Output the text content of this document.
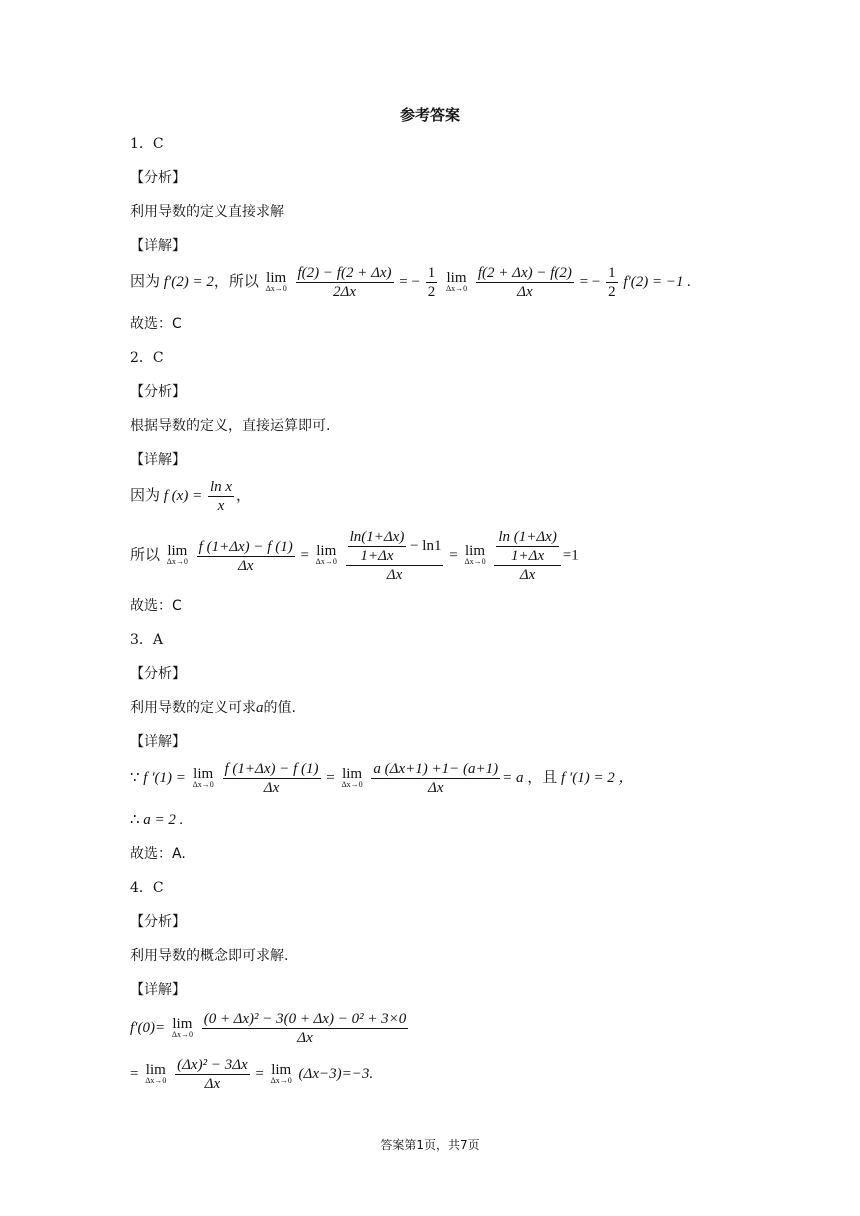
参考答案
1．C
【分析】
利用导数的定义直接求解
【详解】
因为 f′(2) = 2，所以 lim
Δx→0
$\frac{f(2) - f(2 + \Delta x)}{2\Delta x}$ = − $\frac{1}{2}$
lim
Δx→0
$\frac{f(2 + \Delta x) - f(2)}{\Delta x}$ = − $\frac{1}{2} f'(2) = -1$ .
故选：C
2．C
【分析】
根据导数的定义，直接运算即可.
【详解】
因为 f $(x) = \frac{\text{ln x}}{x}$ ，
所以 lim
Δx→0
$\frac{f (1+\Delta x) - f (1)}{\Delta x} = \lim$
Δx→0
$\frac{\frac{\ln(1+\Delta x)}{1+\Delta x} - \ln 1}{\Delta x} = \lim$
Δx→0
$\frac{\frac{\ln (1+\Delta x)}{1+\Delta x}}{\Delta x} =1$
故选：C
3．A
【分析】
利用导数的定义可求a的值.
【详解】
∵ f ′(1) = lim
Δx→0
$\frac{f (1+\Delta x) - f (1)}{\Delta x} = \lim$
Δx→0
$\frac{a (\Delta x+1) +1- (a+1)}{\Delta x} = a$ ，且 f ′(1) = 2 ，
∴ a = 2 .
故选：A.
4．C
【分析】
利用导数的概念即可求解.
【详解】
f′(0)= lim
Δx→0
$\frac{\text{(0 + Δx)² − 3(0 + Δx) − 0² + 3×0}}{\Delta x}$
= lim
Δx→0
$\frac{\text{(Δx)² − 3Δx}}{\Delta x} = \lim$
Δx→0 (Δx−3)=−3.
答案第1页，共7页
